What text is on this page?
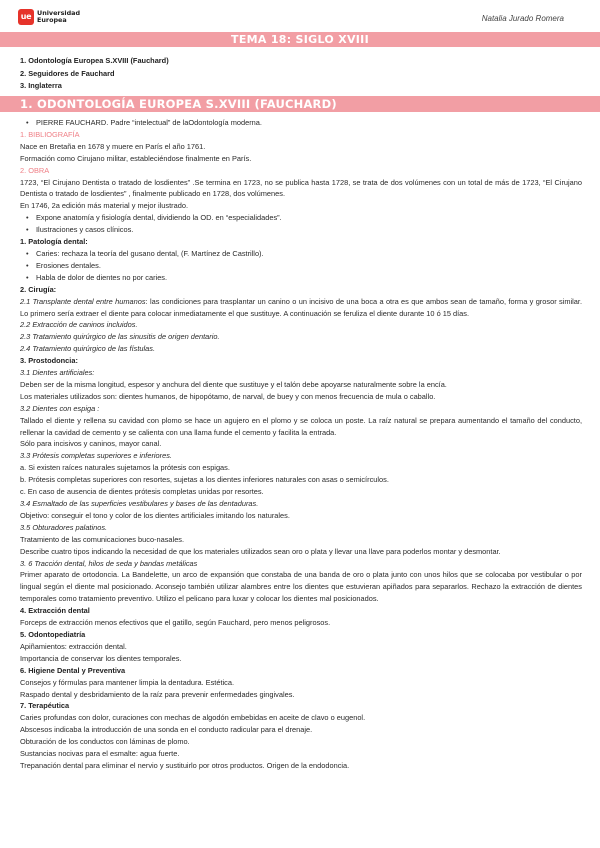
ue Universidad
Europea	Natalia Jurado Romera
TEMA 18: SIGLO XVIII
1. Odontología Europea S.XVIII (Fauchard)
2. Seguidores de Fauchard
3. Inglaterra
1. ODONTOLOGÍA EUROPEA S.XVIII (FAUCHARD)

• PIERRE FAUCHARD. Padre “intelectual” de laOdontología moderna.

1. BIBLIOGRAFÍA

Nace en Bretaña en 1678 y muere en París el año 1761.

Formación como Cirujano militar, estableciéndose finalmente en París.

2. OBRA

1723, “El Cirujano Dentista o tratado de losdientes” .Se termina en 1723, no se publica hasta 1728, se trata de dos volúmenes con un total de más de 1723, “El Cirujano Dentista o tratado de losdientes” , finalmente publicado en 1728, dos volúmenes.

En 1746, 2a edición más material y mejor ilustrado.

• Expone anatomía y fisiología dental, dividiendo la OD. en “especialidades”.

• Ilustraciones y casos clínicos.

1. Patología dental:

• Caries: rechaza la teoría del gusano dental, (F. Martínez de Castrillo).

• Erosiones dentales.

• Habla de dolor de dientes no por caries.

2. Cirugía:

2.1 Transplante dental entre humanos: las condiciones para trasplantar un canino o un incisivo de una boca a otra es que ambos sean de tamaño, forma y grosor similar. Lo primero sería extraer el diente para colocar inmediatamente el que sustituye. A continuación se feruliza el diente durante 10 ó 15 días.

2.2 Extracción de caninos incluidos.

2.3 Tratamiento quirúrgico de las sinusitis de origen dentario.

2.4 Tratamiento quirúrgico de las fístulas.

3. Prostodoncia:

3.1 Dientes artificiales:

Deben ser de la misma longitud, espesor y anchura del diente que sustituye y el talón debe apoyarse naturalmente sobre la encía.

Los materiales utilizados son: dientes humanos, de hipopótamo, de narval, de buey y con menos frecuencia de mula o caballo.

3.2 Dientes con espiga :

Tallado el diente y rellena su cavidad con plomo se hace un agujero en el plomo y se coloca un poste. La raíz natural se prepara aumentando el tamaño del conducto, rellenar la cavidad de cemento y se calienta con una llama funde el cemento y facilita la entrada.

Sólo para incisivos y caninos, mayor canal.

3.3 Prótesis completas superiores e inferiores.

a. Si existen raíces naturales sujetamos la prótesis con espigas.

b. Prótesis completas superiores con resortes, sujetas a los dientes inferiores naturales con asas o semicírculos.

c. En caso de ausencia de dientes prótesis completas unidas por resortes.

3.4 Esmaltado de las superficies vestibulares y bases de las dentaduras.

Objetivo: conseguir el tono y color de los dientes artificiales imitando los naturales.

3.5 Obturadores palatinos.

Tratamiento de las comunicaciones buco-nasales.

Describe cuatro tipos indicando la necesidad de que los materiales utilizados sean oro o plata y llevar una llave para poderlos montar y desmontar.

3. 6 Tracción dental, hilos de seda y bandas metálicas

Primer aparato de ortodoncia. La Bandelette, un arco de expansión que constaba de una banda de oro o plata junto con unos hilos que se colocaba por vestibular o por lingual según el diente mal posicionado. Aconsejo también utilizar alambres entre los dientes que estuvieran apiñados para separarlos. Rechazo la extracción de dientes temporales como tratamiento preventivo. Utilizo el pelicano para luxar y colocar los dientes mal posicionados.

4. Extracción dental

Forceps de extracción menos efectivos que el gatillo, según Fauchard, pero menos peligrosos.

5. Odontopediatría

Apiñamientos: extracción dental.

Importancia de conservar los dientes temporales.

6. Higiene Dental y Preventiva

Consejos y fórmulas para mantener limpia la dentadura. Estética.

Raspado dental y desbridamiento de la raíz para prevenir enfermedades gingivales.

7. Terapéutica

Caries profundas con dolor, curaciones con mechas de algodón embebidas en aceite de clavo o eugenol.

Abscesos indicaba la introducción de una sonda en el conducto radicular para el drenaje.

Obturación de los conductos con láminas de plomo.

Sustancias nocivas para el esmalte: agua fuerte.

Trepanación dental para eliminar el nervio y sustituirlo por otros productos. Origen de la endodoncia.
